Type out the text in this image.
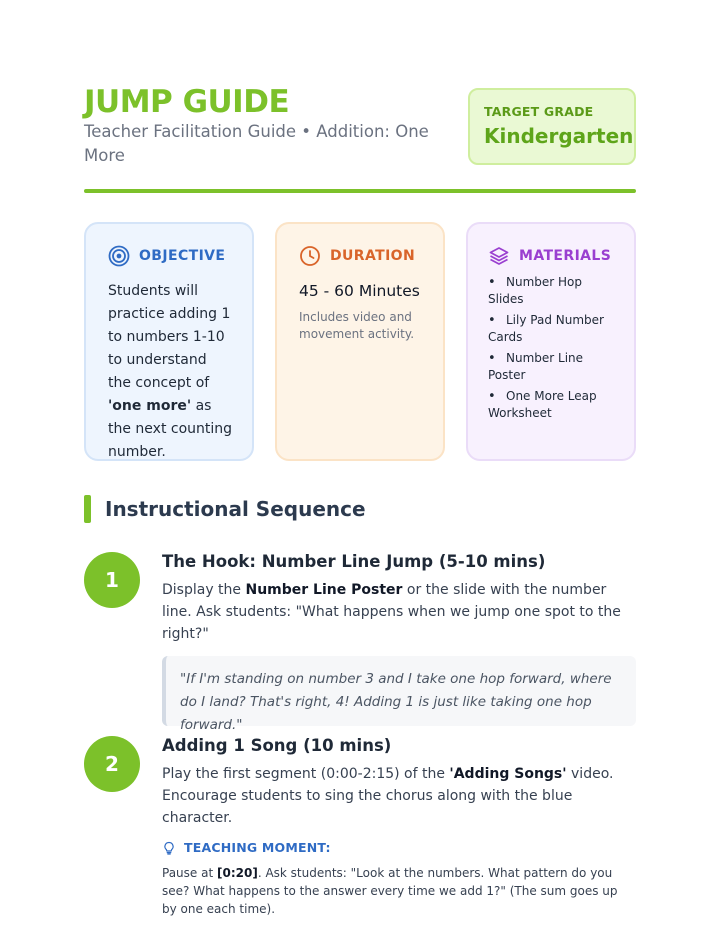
JUMP GUIDE
Teacher Facilitation Guide • Addition: One More
TARGET GRADE
Kindergarten
OBJECTIVE
Students will practice adding 1 to numbers 1-10 to understand the concept of 'one more' as the next counting number.
DURATION
45 - 60 Minutes
Includes video and movement activity.
MATERIALS
• Number Hop Slides
• Lily Pad Number Cards
• Number Line Poster
• One More Leap Worksheet
Instructional Sequence
1
The Hook: Number Line Jump (5-10 mins)
Display the Number Line Poster or the slide with the number line. Ask students: "What happens when we jump one spot to the right?"
"If I'm standing on number 3 and I take one hop forward, where do I land? That's right, 4! Adding 1 is just like taking one hop forward."
2
Adding 1 Song (10 mins)
Play the first segment (0:00-2:15) of the 'Adding Songs' video. Encourage students to sing the chorus along with the blue character.
TEACHING MOMENT:
Pause at [0:20]. Ask students: "Look at the numbers. What pattern do you see? What happens to the answer every time we add 1?" (The sum goes up by one each time).
